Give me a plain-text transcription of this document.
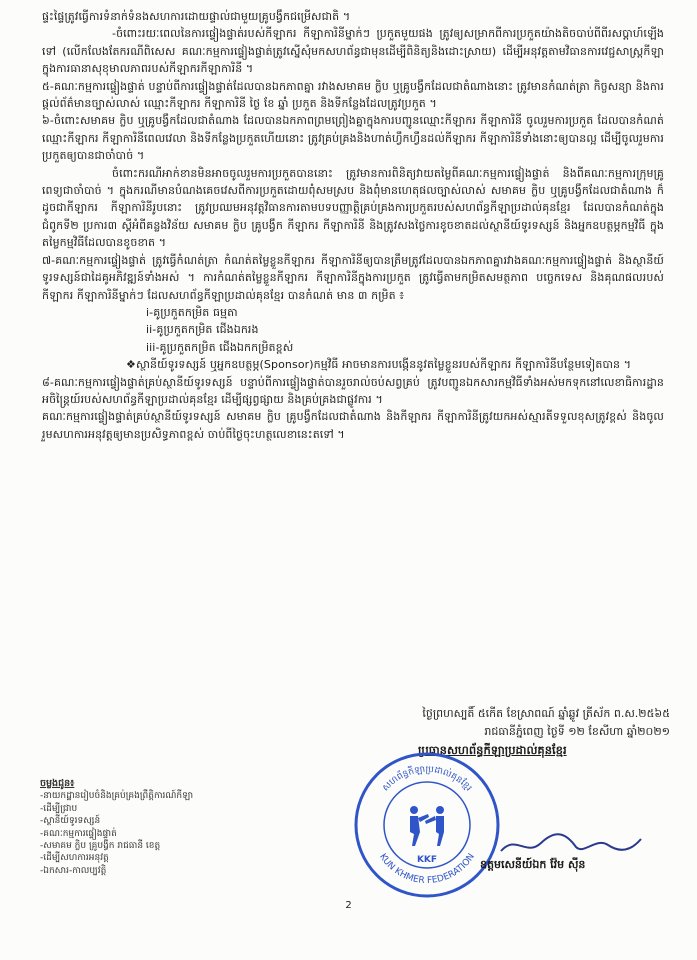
ផ្ទះផ្ទៃត្រូវធ្វើការទំនាក់ទំនងសហការដោយផ្ទាល់ជាមួយគ្រូបង្វឹកជម្រើសជាតិ ។

-ចំពោះរយៈពេលនៃការផ្ទៀងផ្ទាត់របស់កីឡាករ កីឡាការិនីម្នាក់ៗ ប្រកួតមួយផង ត្រូវឲ្យសម្រាកពីការប្រកួតយ៉ាងតិចបាប់ពីពីរសប្ដាហ៍ឡើងទៅ (លើកលែងតែករណីពិសេស គណៈកម្មការផ្ទៀងផ្ទាត់ត្រូវស្នើសុំមកសហព័ន្ធជាមុនដើម្បីពិនិត្យនិងដោះស្រាយ) ដើម្បីអនុវត្តតាមវិធានការវេជ្ជសាស្ត្រកីឡាក្នុងការធានាសុខុមាលភាពរបស់កីឡាករកីឡាការិនី ។

៥-គណៈកម្មការផ្ទៀងផ្ទាត់ បន្ទាប់ពីការផ្ទៀងផ្ទាត់ដែលបានឯកភាពគ្នា រវាងសមាគម ក្លិប ឬគ្រូបង្វឹកដែលជាតំណាងនោះ ត្រូវមានកំណត់ត្រា កិច្ចសន្យា និងការផ្ដល់ព័ត៌មានច្បាស់លាស់ ឈ្មោះកីឡាករ កីឡាការិនី ថ្ងៃ ខែ ឆ្នាំ ប្រកួត និងទីកន្លែងដែលត្រូវប្រកួត ។

៦-ចំពោះសមាគម ក្លិប ឬគ្រូបង្វឹកដែលជាតំណាង ដែលបានឯកភាពព្រមព្រៀងគ្នាក្នុងការបញ្ជូនឈ្មោះកីឡាករ កីឡាការិនី ចូលរួមការប្រកួត ដែលបានកំណត់ឈ្មោះកីឡាករ កីឡាការិនីពេលវេលា និងទីកន្លែងប្រកួតហើយនោះ ត្រូវគ្រប់គ្រងនិងហាត់ហ្វឹកហ្វឺនដល់កីឡាករ កីឡាការិនីទាំងនោះឲ្យបានល្អ ដើម្បីចូលរួមការប្រកួតឲ្យបានជាចាំបាច់ ។

ចំពោះករណីអាក់ខានមិនអាចចូលរួមការប្រកួតបាននោះ ត្រូវមានការពិនិត្យវាយតម្លៃពីគណៈកម្មការផ្ទៀងផ្ទាត់ និងពីគណៈកម្មការក្រុមគ្រូពេទ្យជាចាំបាច់ ។ ក្នុងករណីមានបំណងគេចវេសពីការប្រកួតដោយពុំសមស្រប និងពុំមានហេតុផលច្បាស់លាស់ សមាគម ក្លិប ឬគ្រូបង្វឹកដែលជាតំណាង ក៏ដូចជាកីឡាករ កីឡាការិនីរូបនោះ ត្រូវប្រឈមអនុវត្តវិធានការតាមបទបញ្ញាត្តិគ្រប់គ្រងការប្រកួតរបស់សហព័ន្ធកីឡាប្រដាល់គុនខ្មែរ ដែលបានកំណត់ក្នុង ជំពូកទី២ ប្រការ៣ ស្ដីអំពីគន្លងវិន័យ សមាគម ក្លិប គ្រូបង្វឹក កីឡាករ កីឡាការិនី និងត្រូវសងថ្លៃការខូចខាតដល់ស្ថានីយ៍ទូរទស្សន៍ និងអ្នកឧបត្ថម្ភកម្មវិធី ក្នុងតម្លៃកម្មវិធីដែលបានខូចខាត ។

៧-គណៈកម្មការផ្ទៀងផ្ទាត់ ត្រូវធ្វើកំណត់ត្រា កំណត់តម្លៃខ្លួនកីឡាករ កីឡាការិនីឲ្យបានត្រឹមត្រូវដែលបានឯកភាពគ្នារវាងគណៈកម្មការផ្ទៀងផ្ទាត់ និងស្ថានីយ៍ទូរទស្សន៍ជាដៃគូអភិវឌ្ឍន៍ទាំងអស់ ។ ការកំណត់តម្លៃខ្លួនកីឡាករ កីឡាការិនីក្នុងការប្រកួត ត្រូវធ្វើតាមកម្រិតសមត្ថភាព បច្ចេកទេស និងគុណផលរបស់កីឡាករ កីឡាការិនីម្នាក់ៗ ដែលសហព័ន្ធកីឡាប្រដាល់គុនខ្មែរ បានកំណត់ មាន ៣ កម្រិត ៖

i-គូប្រកួតកម្រិត ធម្មតា

ii-គូប្រកួតកម្រិត ជើងឯករង

iii-គូប្រកួតកម្រិត ជើងឯកកម្រិតខ្ពស់

❖ស្ថានីយ៍ទូរទស្សន៍ ឬអ្នកឧបត្ថម្ភ(Sponsor)កម្មវិធី អាចមានការបង្កើននូវតម្លៃខ្លួនរបស់កីឡាករ កីឡាការិនីបន្ថែមទៀតបាន ។

៨-គណៈកម្មការផ្ទៀងផ្ទាត់គ្រប់ស្ថានីយ៍ទូរទស្សន៍ បន្ទាប់ពីការផ្ទៀងផ្ទាត់បានរួចរាល់ចប់សព្វគ្រប់ ត្រូវបញ្ជូនឯកសារកម្មវិធីទាំងអស់មកទុកនៅលេខាធិការដ្ឋានអចិន្ត្រៃយ៍របស់សហព័ន្ធកីឡាប្រដាល់គុនខ្មែរ ដើម្បីផ្សព្វផ្សាយ និងគ្រប់គ្រងជាផ្លូវការ ។

គណៈកម្មការផ្ទៀងផ្ទាត់គ្រប់ស្ថានីយ៍ទូរទស្សន៍ សមាគម ក្លិប គ្រូបង្វឹកដែលជាតំណាង និងកីឡាករ កីឡាការិនីត្រូវយកអស់ស្មារតីទទួលខុសត្រូវខ្ពស់ និងចូលរួមសហការអនុវត្តឲ្យមានប្រសិទ្ធភាពខ្ពស់ ចាប់ពីថ្ងៃចុះហត្ថលេខានេះតទៅ ។

ថ្ងៃព្រហស្បតិ៍ ៥កើត ខែស្រាពណ៍ ឆ្នាំឆ្លូវ ត្រីស័ក ព.ស.២៥៦៥
រាជធានីភ្នំពេញ ថ្ងៃទី ១២ ខែសីហា ឆ្នាំ២០២១
ប្រធានសហព័ន្ធកីឡាប្រដាល់គុនខ្មែរ
សហព័ន្ធកីឡាប្រដាល់គុនខ្មែរ
KUN KHMER FEDERATION
KKF	ឧត្តមសេនីយ៍ឯក វ៉ែម សុីន
ចម្លងជូន៖
-នាយកដ្ឋានរៀបចំនិងគ្រប់គ្រងព្រឹត្តិការណ៍កីឡា
-ដើម្បីជ្រាប
-ស្ថានីយ៍ទូរទស្សន៍
-គណៈកម្មការផ្ទៀងផ្ទាត់
-សមាគម ក្លិប គ្រូបង្វឹក រាជធានី ខេត្ត
-ដើម្បីសហការអនុវត្ត
-ឯកសារ-កាលប្បវត្តិ
2
